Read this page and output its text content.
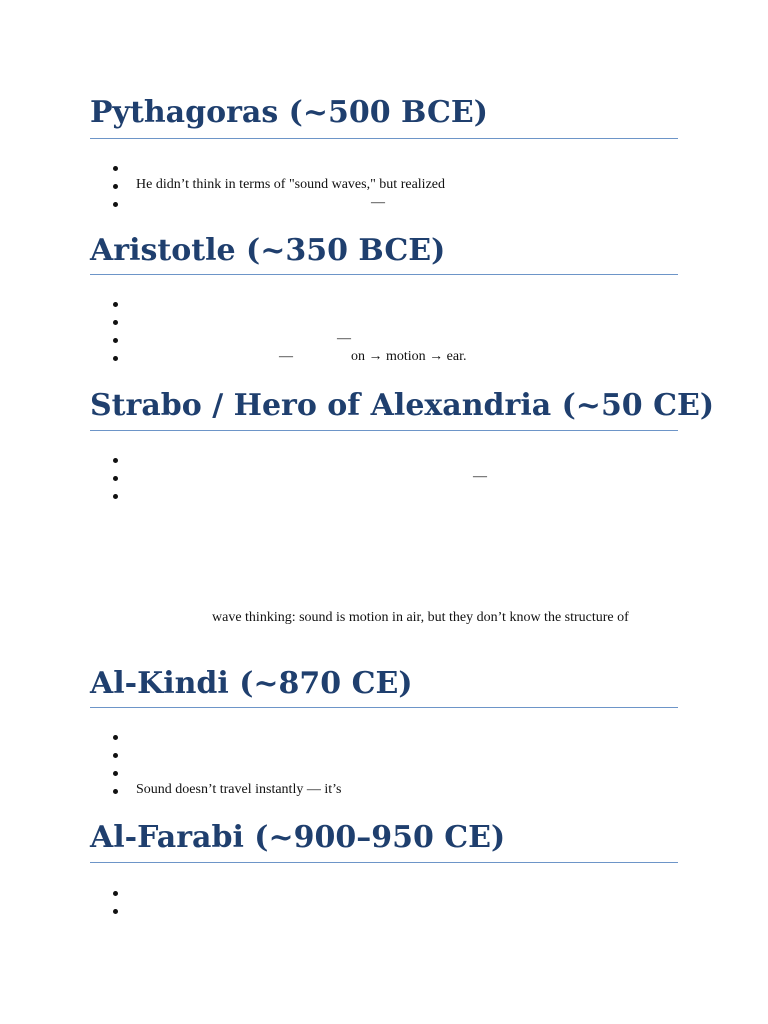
Pythagoras (~500 BCE)
He didn’t think in terms of "sound waves," but realized
—
Aristotle (~350 BCE)
—
—	on → motion → ear.
Strabo / Hero of Alexandria (~50 CE)
—
wave thinking: sound is motion in air, but they don’t know the structure of
Al-Kindi (~870 CE)
Sound doesn’t travel instantly — it’s
Al-Farabi (~900–950 CE)
